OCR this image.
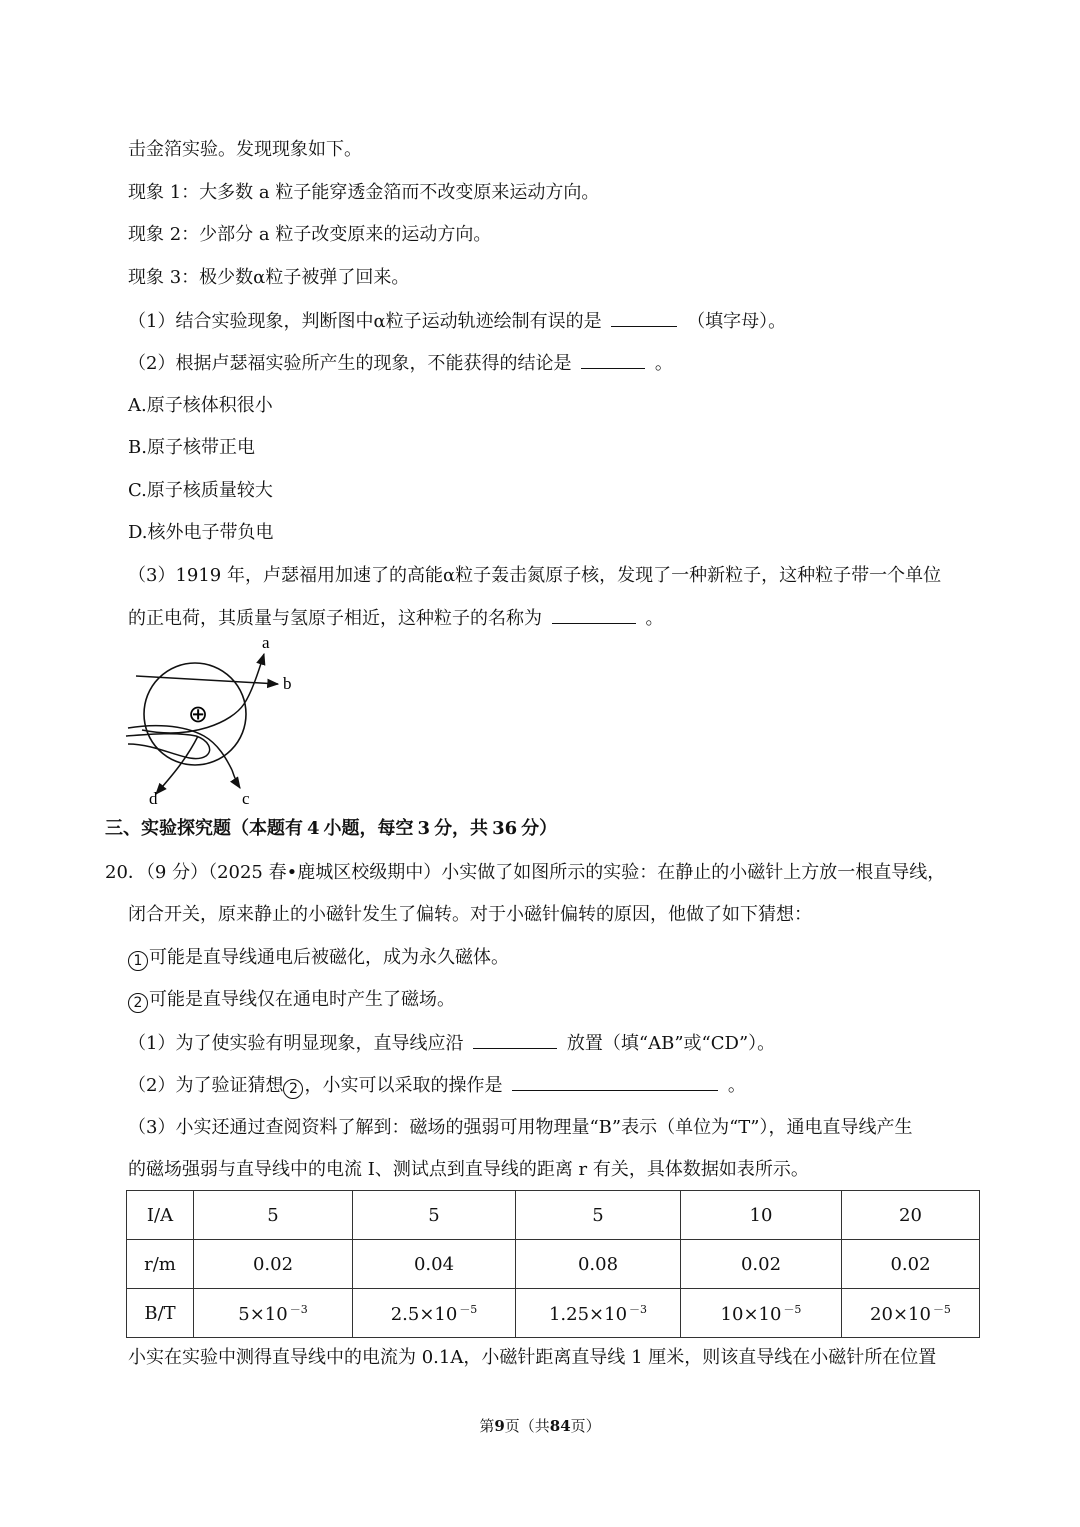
击金箔实验。发现现象如下。
现象 1：大多数 a 粒子能穿透金箔而不改变原来运动方向。
现象 2：少部分 a 粒子改变原来的运动方向。
现象 3：极少数α粒子被弹了回来。
（1）结合实验现象，判断图中α粒子运动轨迹绘制有误的是	（填字母）。
（2）根据卢瑟福实验所产生的现象，不能获得的结论是	。
A.原子核体积很小
B.原子核带正电
C.原子核质量较大
D.核外电子带负电
（3）1919 年，卢瑟福用加速了的高能α粒子轰击氮原子核，发现了一种新粒子，这种粒子带一个单位
的正电荷，其质量与氢原子相近，这种粒子的名称为	。
⊕
a
b
c
d
三、实验探究题（本题有 4 小题，每空 3 分，共 36 分）
20．（9 分）（2025 春•鹿城区校级期中）小实做了如图所示的实验：在静止的小磁针上方放一根直导线，
闭合开关，原来静止的小磁针发生了偏转。对于小磁针偏转的原因，他做了如下猜想：
1 可能是直导线通电后被磁化，成为永久磁体。
2 可能是直导线仅在通电时产生了磁场。
（1）为了使实验有明显现象，直导线应沿	放置（填“AB”或“CD”）。
（2）为了验证猜想 2 ，小实可以采取的操作是	。
（3）小实还通过查阅资料了解到：磁场的强弱可用物理量“B”表示（单位为“T”），通电直导线产生
的磁场强弱与直导线中的电流 I、测试点到直导线的距离 r 有关，具体数据如表所示。
I/A	5	5	5	10	20
r/m	0.02	0.04	0.08	0.02	0.02
B/T	5×10 $^{-3}$	2.5×10 $^{-5}$	1.25×10 $^{-3}$	10×10 $^{-5}$	20×10 $^{-5}$
小实在实验中测得直导线中的电流为 0.1A，小磁针距离直导线 1 厘米，则该直导线在小磁针所在位置
第9页（共84页）
